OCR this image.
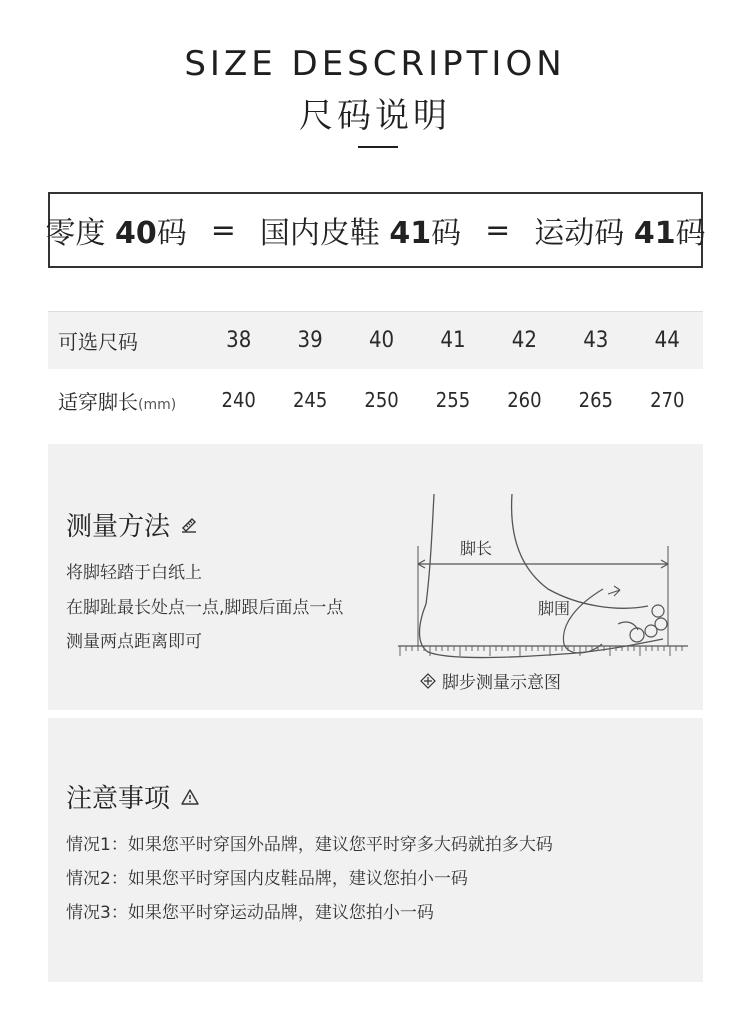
SIZE DESCRIPTION
尺码说明
零度 40码 = 国内皮鞋 41码 = 运动码 41码
可选尺码	38	39	40	41	42	43	44
适穿脚长(mm)	240	245	250	255	260	265	270
测量方法
将脚轻踏于白纸上
在脚趾最长处点一点,脚跟后面点一点
测量两点距离即可
脚长
脚围
脚步测量示意图
注意事项
情况1：如果您平时穿国外品牌，建议您平时穿多大码就拍多大码
情况2：如果您平时穿国内皮鞋品牌，建议您拍小一码
情况3：如果您平时穿运动品牌，建议您拍小一码
